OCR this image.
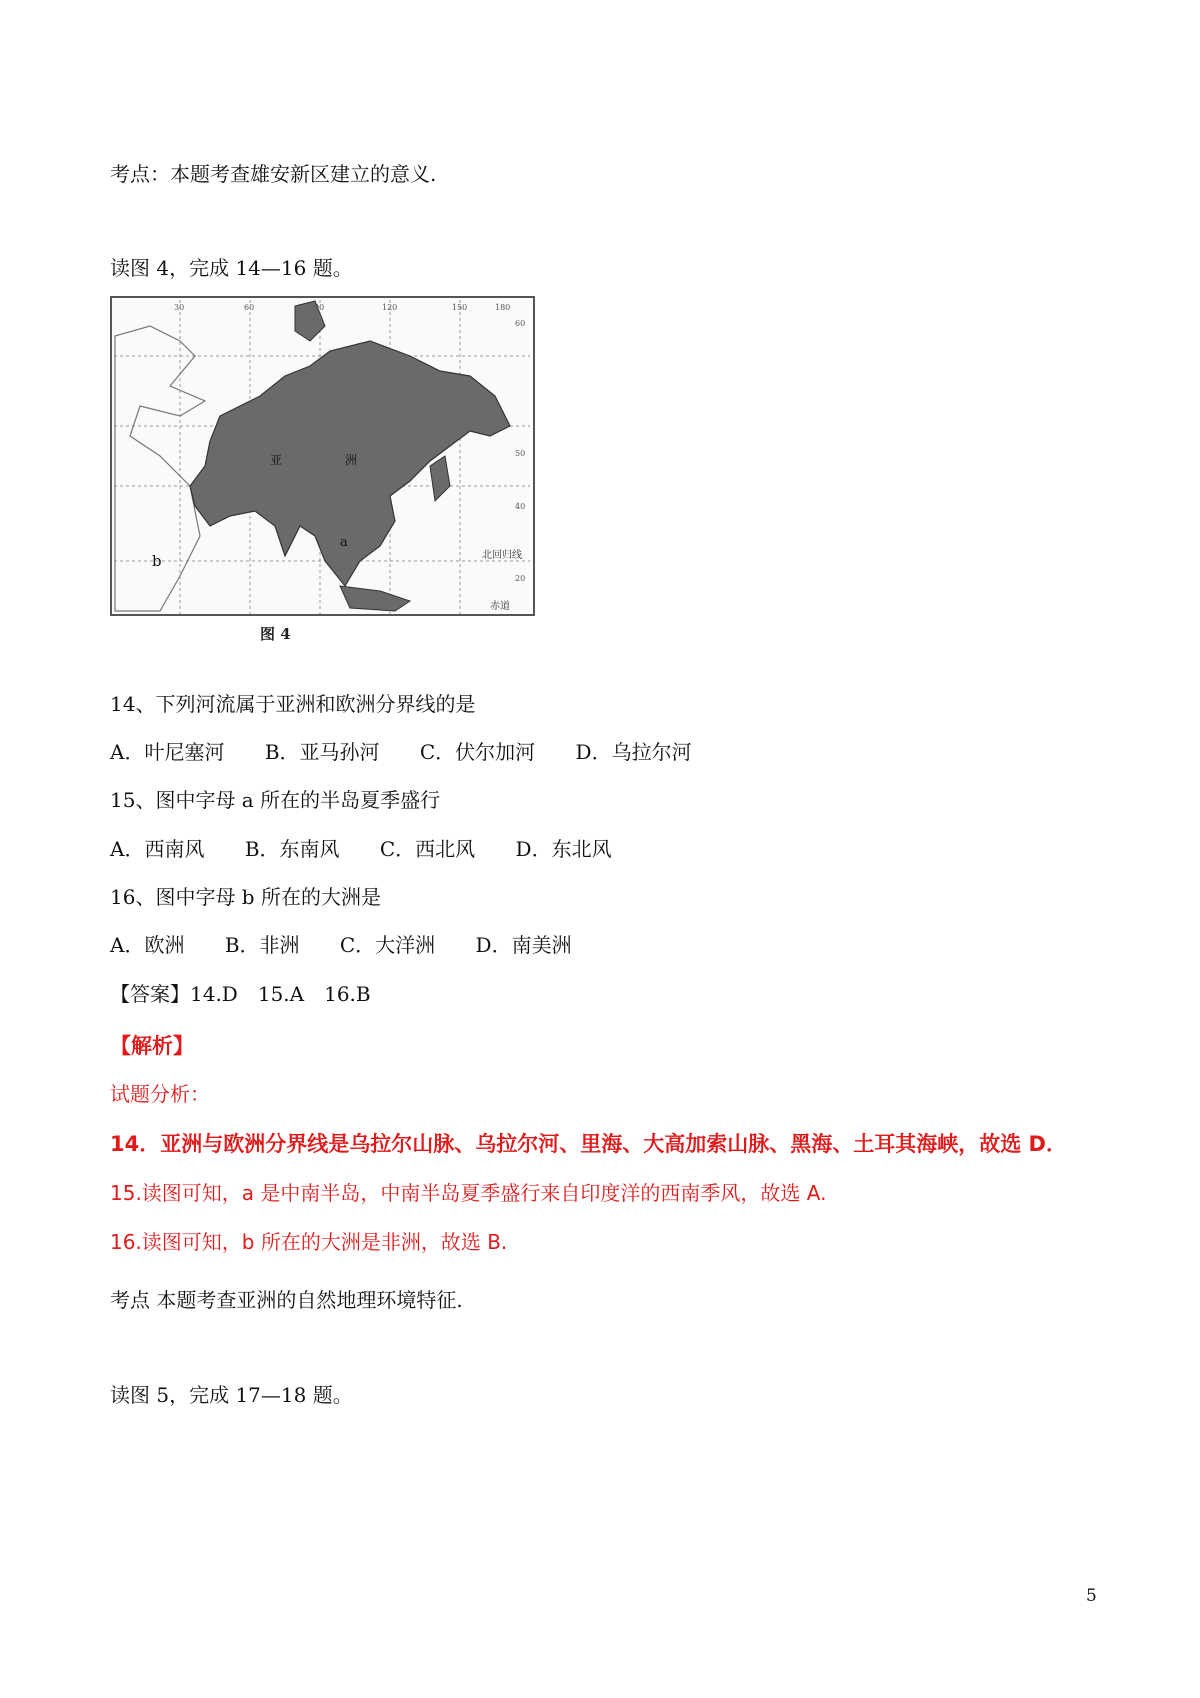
考点：本题考查雄安新区建立的意义.
读图 4，完成 14—16 题。
亚	洲
a
b	北回归线
赤道
30	60	90	120	150	180
60
50
40
20
图 4
14、下列河流属于亚洲和欧洲分界线的是
A．叶尼塞河 B．亚马孙河 C．伏尔加河 D．乌拉尔河
15、图中字母 a 所在的半岛夏季盛行
A．西南风 B．东南风 C．西北风 D．东北风
16、图中字母 b 所在的大洲是
A．欧洲 B．非洲 C．大洋洲 D．南美洲
【答案】14.D　15.A　16.B
【解析】
试题分析：
14．亚洲与欧洲分界线是乌拉尔山脉、乌拉尔河、里海、大高加索山脉、黑海、土耳其海峡，故选 D．
15.读图可知，a 是中南半岛，中南半岛夏季盛行来自印度洋的西南季风，故选 A.
16.读图可知，b 所在的大洲是非洲，故选 B.
考点 本题考查亚洲的自然地理环境特征.
读图 5，完成 17—18 题。
5
